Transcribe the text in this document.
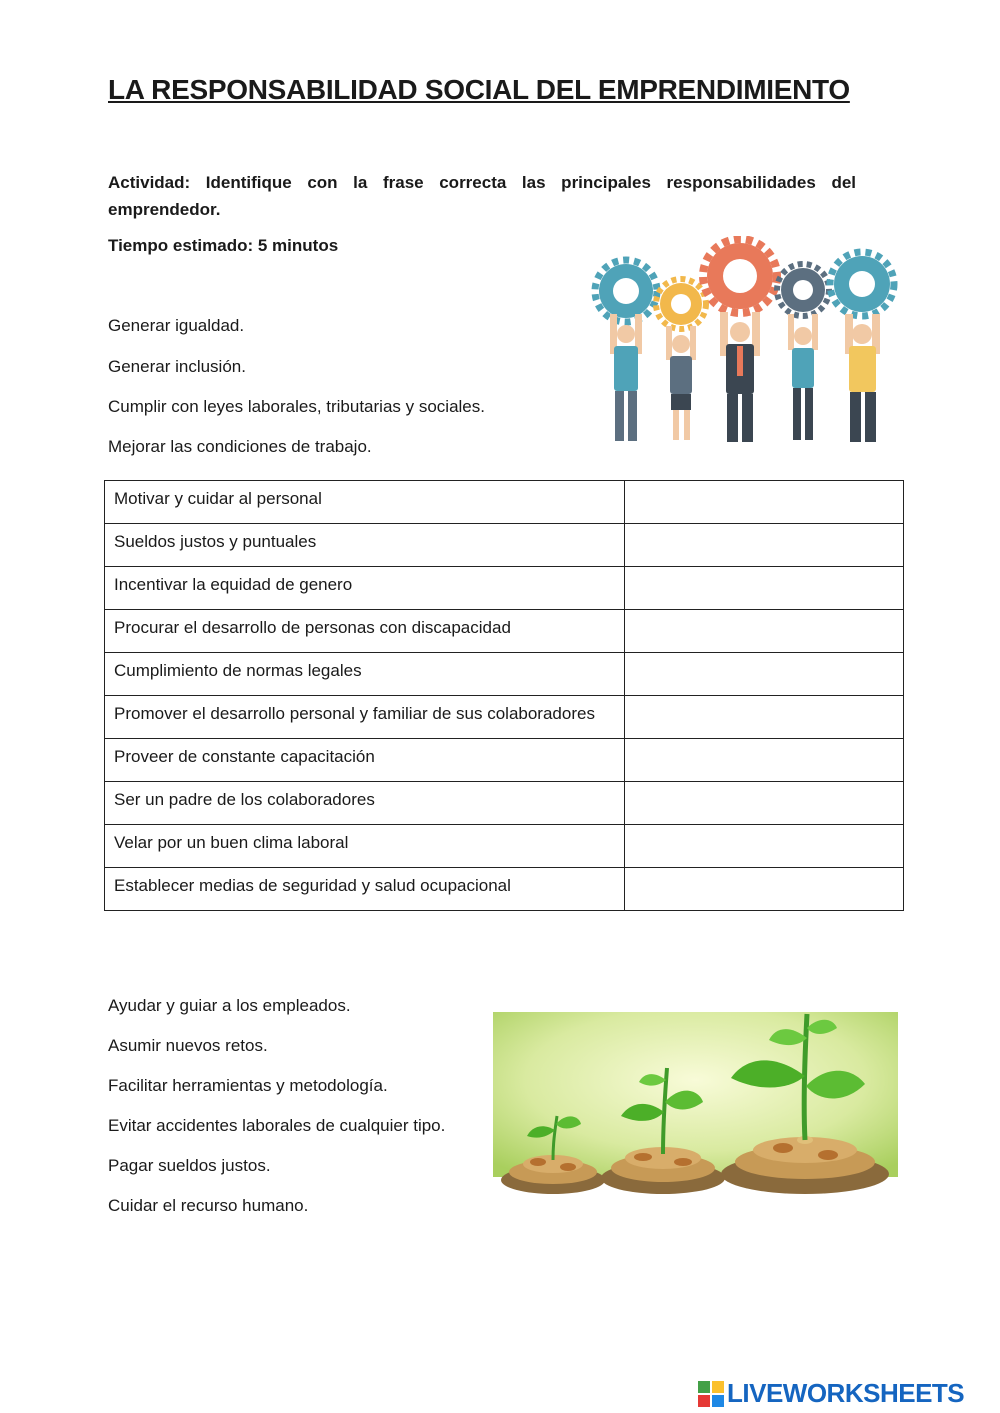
LA RESPONSABILIDAD SOCIAL DEL EMPRENDIMIENTO
Actividad: Identifique con la frase correcta las principales responsabilidades del emprendedor.
Tiempo estimado: 5 minutos
Generar igualdad.
Generar inclusión.
Cumplir con leyes laborales, tributarias y sociales.
Mejorar las condiciones de trabajo.
Motivar y cuidar al personal	
Sueldos justos y puntuales	
Incentivar la equidad de genero	
Procurar el desarrollo de personas con discapacidad	
Cumplimiento de normas legales	
Promover el desarrollo personal y familiar de sus colaboradores	
Proveer de constante capacitación	
Ser un padre de los colaboradores	
Velar por un buen clima laboral	
Establecer medias de seguridad y salud ocupacional	
Ayudar y guiar a los empleados.
Asumir nuevos retos.
Facilitar herramientas y metodología.
Evitar accidentes laborales de cualquier tipo.
Pagar sueldos justos.
Cuidar el recurso humano.
LIVEWORKSHEETS
